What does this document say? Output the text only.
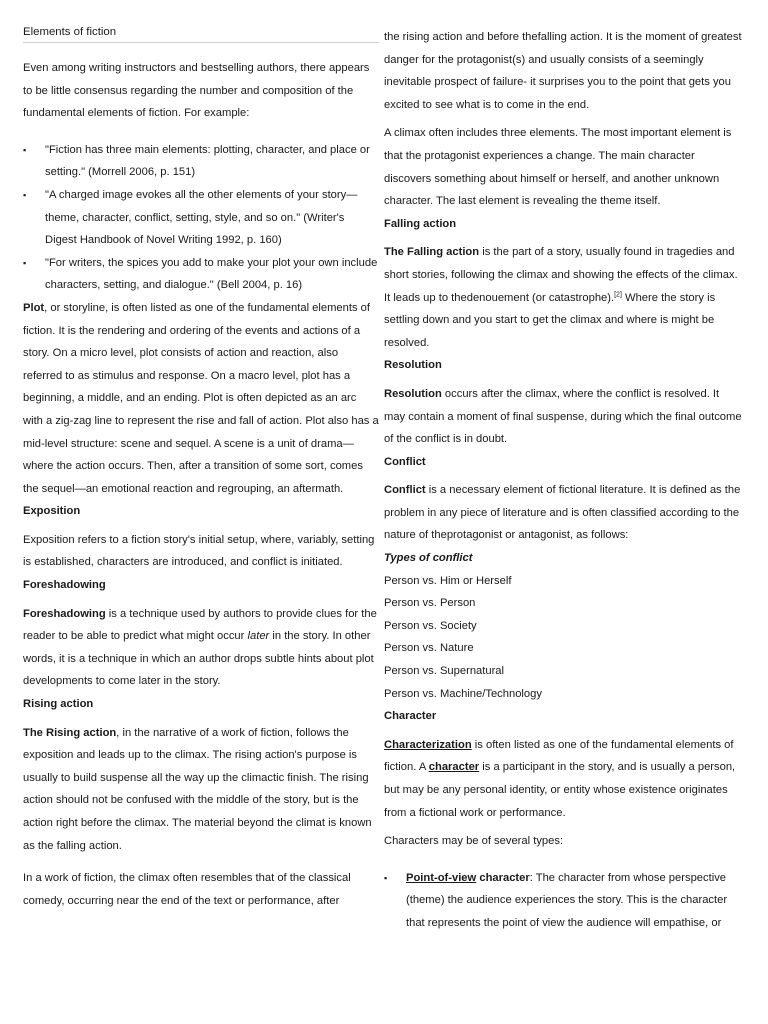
Elements of fiction

Even among writing instructors and bestselling authors, there appears to be little consensus regarding the number and composition of the fundamental elements of fiction. For example:

▪ "Fiction has three main elements: plotting, character, and place or setting." (Morrell 2006, p. 151)
▪ "A charged image evokes all the other elements of your story— theme, character, conflict, setting, style, and so on." (Writer's Digest Handbook of Novel Writing 1992, p. 160)
▪ "For writers, the spices you add to make your plot your own include characters, setting, and dialogue." (Bell 2004, p. 16)

Plot, or storyline, is often listed as one of the fundamental elements of fiction. It is the rendering and ordering of the events and actions of a story. On a micro level, plot consists of action and reaction, also referred to as stimulus and response. On a macro level, plot has a beginning, a middle, and an ending. Plot is often depicted as an arc with a zig-zag line to represent the rise and fall of action. Plot also has a mid-level structure: scene and sequel. A scene is a unit of drama— where the action occurs. Then, after a transition of some sort, comes the sequel—an emotional reaction and regrouping, an aftermath.

Exposition

Exposition refers to a fiction story's initial setup, where, variably, setting is established, characters are introduced, and conflict is initiated.

Foreshadowing

Foreshadowing is a technique used by authors to provide clues for the reader to be able to predict what might occur later in the story. In other words, it is a technique in which an author drops subtle hints about plot developments to come later in the story.

Rising action

The Rising action, in the narrative of a work of fiction, follows the exposition and leads up to the climax. The rising action's purpose is usually to build suspense all the way up the climactic finish. The rising action should not be confused with the middle of the story, but is the action right before the climax. The material beyond the climat is known as the falling action.

In a work of fiction, the climax often resembles that of the classical comedy, occurring near the end of the text or performance, after

the rising action and before thefalling action. It is the moment of greatest danger for the protagonist(s) and usually consists of a seemingly inevitable prospect of failure- it surprises you to the point that gets you excited to see what is to come in the end.

A climax often includes three elements. The most important element is that the protagonist experiences a change. The main character discovers something about himself or herself, and another unknown character. The last element is revealing the theme itself.

Falling action

The Falling action is the part of a story, usually found in tragedies and short stories, following the climax and showing the effects of the climax. It leads up to thedenouement (or catastrophe).[2] Where the story is settling down and you start to get the climax and where is might be resolved.

Resolution

Resolution occurs after the climax, where the conflict is resolved. It may contain a moment of final suspense, during which the final outcome of the conflict is in doubt.

Conflict

Conflict is a necessary element of fictional literature. It is defined as the problem in any piece of literature and is often classified according to the nature of theprotagonist or antagonist, as follows:

Types of conflict

Person vs. Him or Herself

Person vs. Person

Person vs. Society

Person vs. Nature

Person vs. Supernatural

Person vs. Machine/Technology

Character

Characterization is often listed as one of the fundamental elements of fiction. A character is a participant in the story, and is usually a person, but may be any personal identity, or entity whose existence originates from a fictional work or performance.

Characters may be of several types:

▪ Point-of-view character: The character from whose perspective (theme) the audience experiences the story. This is the character that represents the point of view the audience will empathise, or
